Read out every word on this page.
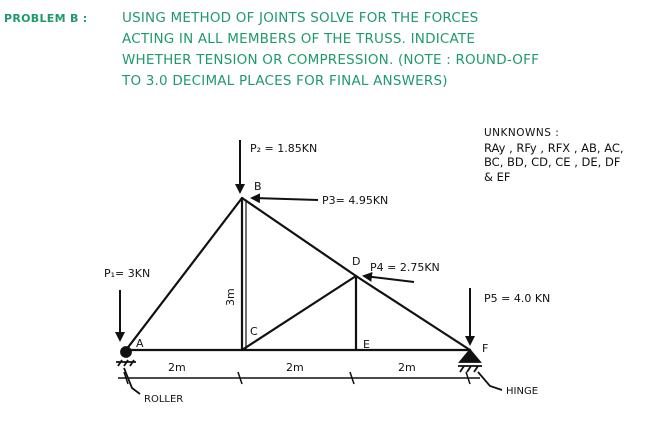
PROBLEM B :	USING METHOD OF JOINTS SOLVE FOR THE FORCES
ACTING IN ALL MEMBERS OF THE TRUSS. INDICATE
WHETHER TENSION OR COMPRESSION. (NOTE : ROUND-OFF
TO 3.0 DECIMAL PLACES FOR FINAL ANSWERS)
UNKNOWNS :
RAy , RFy , RFX , AB, AC,
BC, BD, CD, CE , DE, DF
& EF
A
B
C
D
E	F
P₁= 3KN
P₂ = 1.85KN
P3= 4.95KN
P4 = 2.75KN
P5 = 4.0 KN
2m	2m	2m
3m
ROLLER
HINGE
